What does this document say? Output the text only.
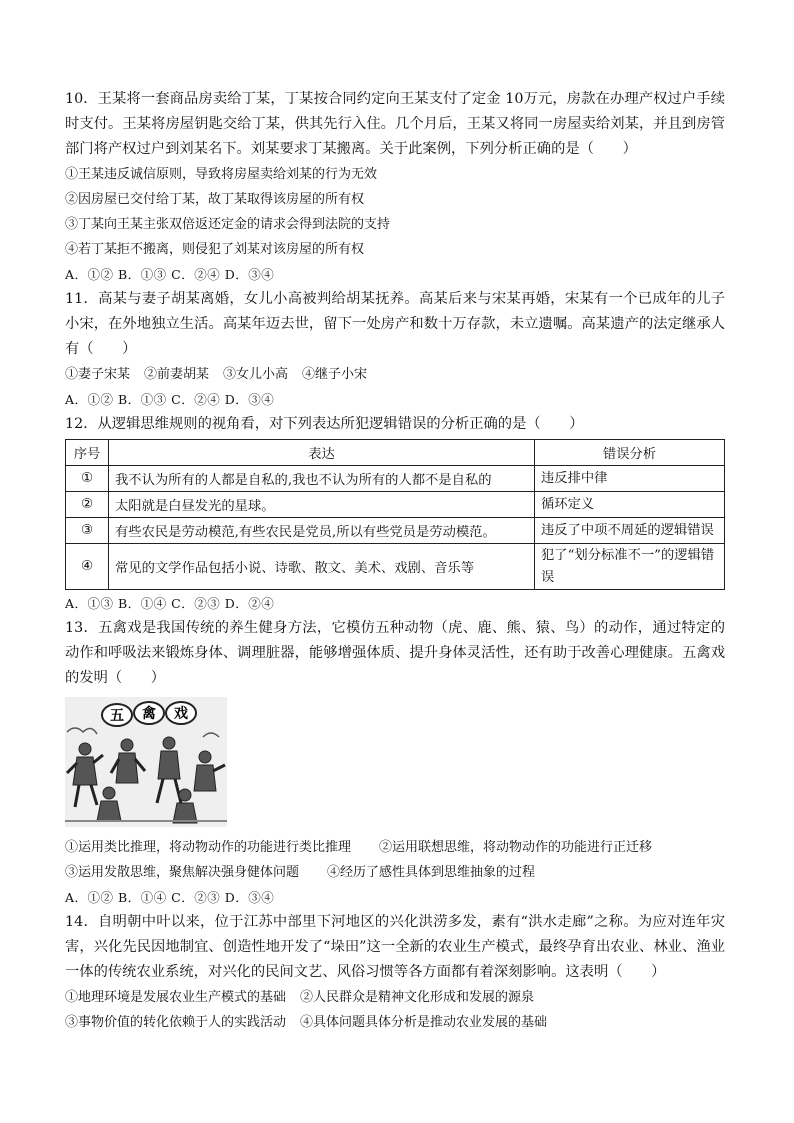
10．王某将一套商品房卖给丁某，丁某按合同约定向王某支付了定金 10万元，房款在办理产权过户手续时支付。王某将房屋钥匙交给丁某，供其先行入住。几个月后，王某又将同一房屋卖给刘某，并且到房管部门将产权过户到刘某名下。刘某要求丁某搬离。关于此案例，下列分析正确的是（　　）

①王某违反诚信原则，导致将房屋卖给刘某的行为无效

②因房屋已交付给丁某，故丁某取得该房屋的所有权

③丁某向王某主张双倍返还定金的请求会得到法院的支持

④若丁某拒不搬离，则侵犯了刘某对该房屋的所有权

A．①② B．①③ C．②④ D．③④

11．高某与妻子胡某离婚，女儿小高被判给胡某抚养。高某后来与宋某再婚，宋某有一个已成年的儿子小宋，在外地独立生活。高某年迈去世，留下一处房产和数十万存款，未立遗嘱。高某遗产的法定继承人有（　　）

①妻子宋某 ②前妻胡某 ③女儿小高 ④继子小宋

A．①② B．①③ C．②④ D．③④

12．从逻辑思维规则的视角看，对下列表达所犯逻辑错误的分析正确的是（　　）

序号	表达	错误分析
①	我不认为所有的人都是自私的,我也不认为所有的人都不是自私的	违反排中律
②	太阳就是白昼发光的星球。	循环定义
③	有些农民是劳动模范,有些农民是党员,所以有些党员是劳动模范。	违反了中项不周延的逻辑错误
④	常见的文学作品包括小说、诗歌、散文、美术、戏剧、音乐等	犯了“划分标准不一”的逻辑错误

A．①③ B．①④ C．②③ D．②④

13．五禽戏是我国传统的养生健身方法，它模仿五种动物（虎、鹿、熊、猿、鸟）的动作，通过特定的动作和呼吸法来锻炼身体、调理脏器，能够增强体质、提升身体灵活性，还有助于改善心理健康。五禽戏的发明（　　）

五 禽 戏

①运用类比推理，将动物动作的功能进行类比推理 ②运用联想思维，将动物动作的功能进行正迁移

③运用发散思维，聚焦解决强身健体问题 ④经历了感性具体到思维抽象的过程

A．①② B．①④ C．②③ D．③④

14．自明朝中叶以来，位于江苏中部里下河地区的兴化洪涝多发，素有“洪水走廊”之称。为应对连年灾害，兴化先民因地制宜、创造性地开发了“垛田”这一全新的农业生产模式，最终孕育出农业、林业、渔业一体的传统农业系统，对兴化的民间文艺、风俗习惯等各方面都有着深刻影响。这表明（　　）

①地理环境是发展农业生产模式的基础 ②人民群众是精神文化形成和发展的源泉

③事物价值的转化依赖于人的实践活动 ④具体问题具体分析是推动农业发展的基础
